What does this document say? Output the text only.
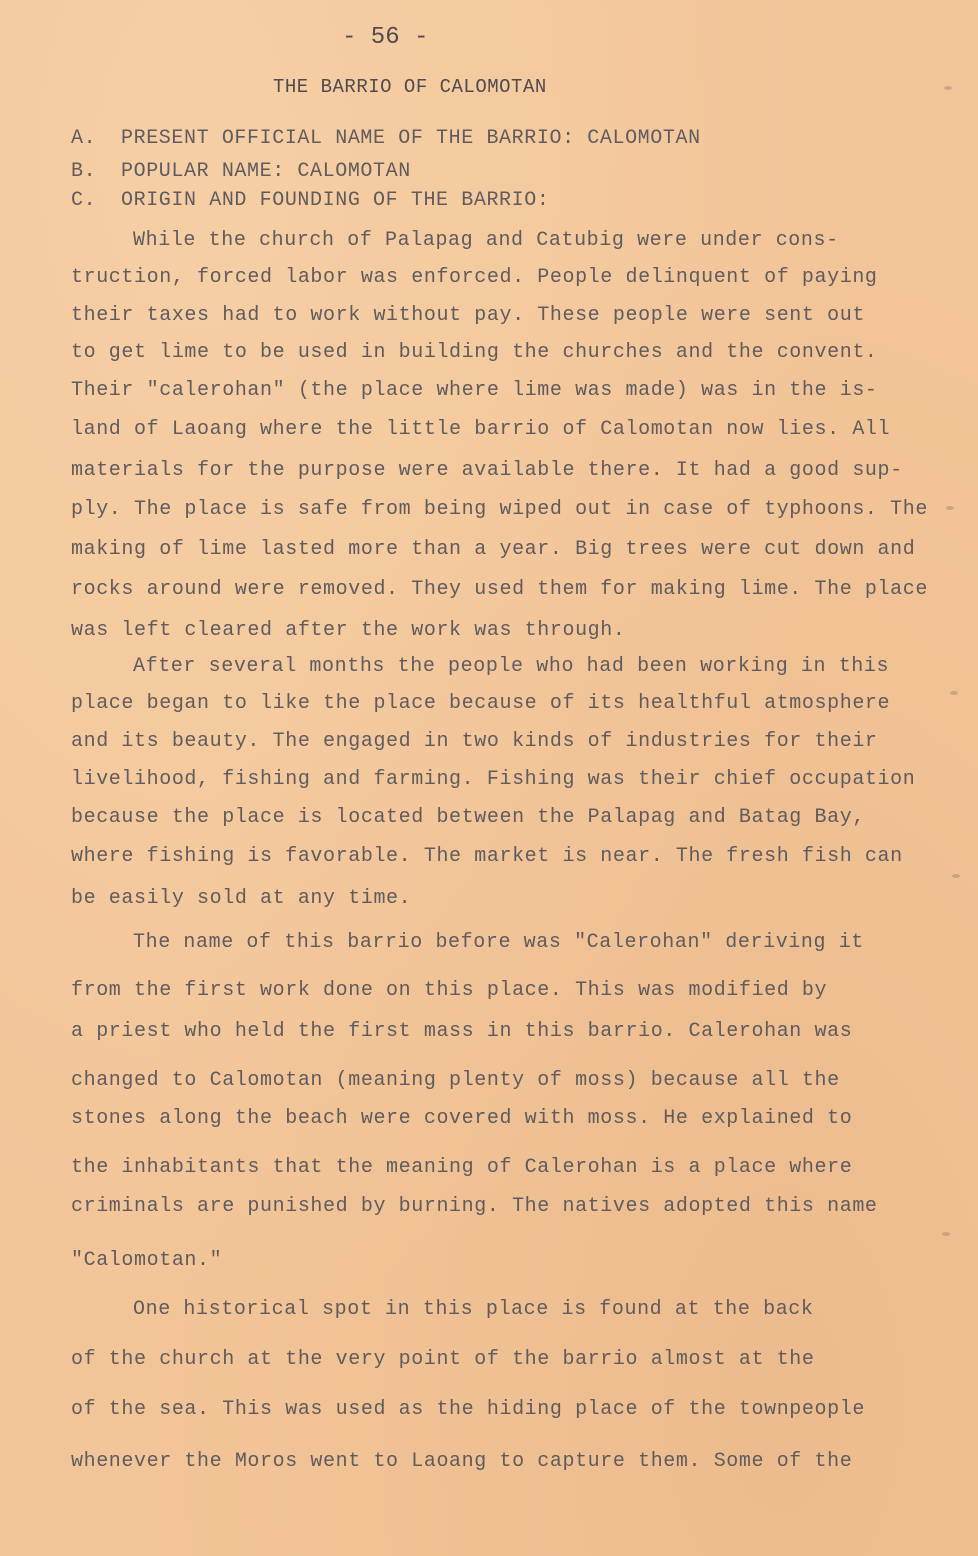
- 56 -
THE BARRIO OF CALOMOTAN
A. PRESENT OFFICIAL NAME OF THE BARRIO: CALOMOTAN
B. POPULAR NAME: CALOMOTAN
C. ORIGIN AND FOUNDING OF THE BARRIO:
While the church of Palapag and Catubig were under cons-
truction, forced labor was enforced. People delinquent of paying
their taxes had to work without pay. These people were sent out
to get lime to be used in building the churches and the convent.
Their "calerohan" (the place where lime was made) was in the is-
land of Laoang where the little barrio of Calomotan now lies. All
materials for the purpose were available there. It had a good sup-
ply. The place is safe from being wiped out in case of typhoons. The
making of lime lasted more than a year. Big trees were cut down and
rocks around were removed. They used them for making lime. The place
was left cleared after the work was through.
After several months the people who had been working in this
place began to like the place because of its healthful atmosphere
and its beauty. The engaged in two kinds of industries for their
livelihood, fishing and farming. Fishing was their chief occupation
because the place is located between the Palapag and Batag Bay,
where fishing is favorable. The market is near. The fresh fish can
be easily sold at any time.
The name of this barrio before was "Calerohan" deriving it
from the first work done on this place. This was modified by
a priest who held the first mass in this barrio. Calerohan was
changed to Calomotan (meaning plenty of moss) because all the
stones along the beach were covered with moss. He explained to
the inhabitants that the meaning of Calerohan is a place where
criminals are punished by burning. The natives adopted this name
"Calomotan."
One historical spot in this place is found at the back
of the church at the very point of the barrio almost at the
of the sea. This was used as the hiding place of the townpeople
whenever the Moros went to Laoang to capture them. Some of the
